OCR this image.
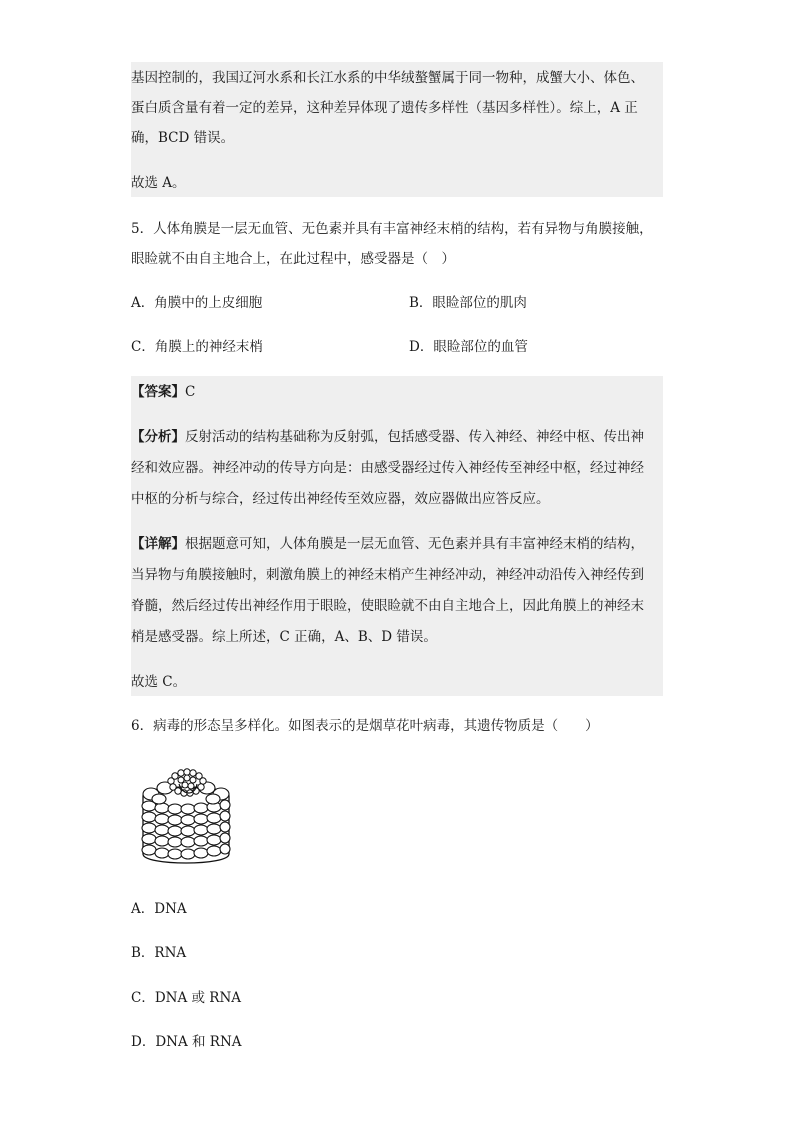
基因控制的，我国辽河水系和长江水系的中华绒螯蟹属于同一物种，成蟹大小、体色、
蛋白质含量有着一定的差异，这种差异体现了遗传多样性（基因多样性）。综上，A 正
确，BCD 错误。
故选 A。
5．人体角膜是一层无血管、无色素并具有丰富神经末梢的结构，若有异物与角膜接触，
眼睑就不由自主地合上，在此过程中，感受器是（　）
A．角膜中的上皮细胞	B．眼睑部位的肌肉
C．角膜上的神经末梢	D．眼睑部位的血管
【答案】C
【分析】反射活动的结构基础称为反射弧，包括感受器、传入神经、神经中枢、传出神
经和效应器。神经冲动的传导方向是：由感受器经过传入神经传至神经中枢，经过神经
中枢的分析与综合，经过传出神经传至效应器，效应器做出应答反应。
【详解】根据题意可知，人体角膜是一层无血管、无色素并具有丰富神经末梢的结构，
当异物与角膜接触时，刺激角膜上的神经末梢产生神经冲动，神经冲动沿传入神经传到
脊髓，然后经过传出神经作用于眼睑，使眼睑就不由自主地合上，因此角膜上的神经末
梢是感受器。综上所述，C 正确，A、B、D 错误。
故选 C。
6．病毒的形态呈多样化。如图表示的是烟草花叶病毒，其遗传物质是（　　）
A．DNA
B．RNA
C．DNA 或 RNA
D．DNA 和 RNA
